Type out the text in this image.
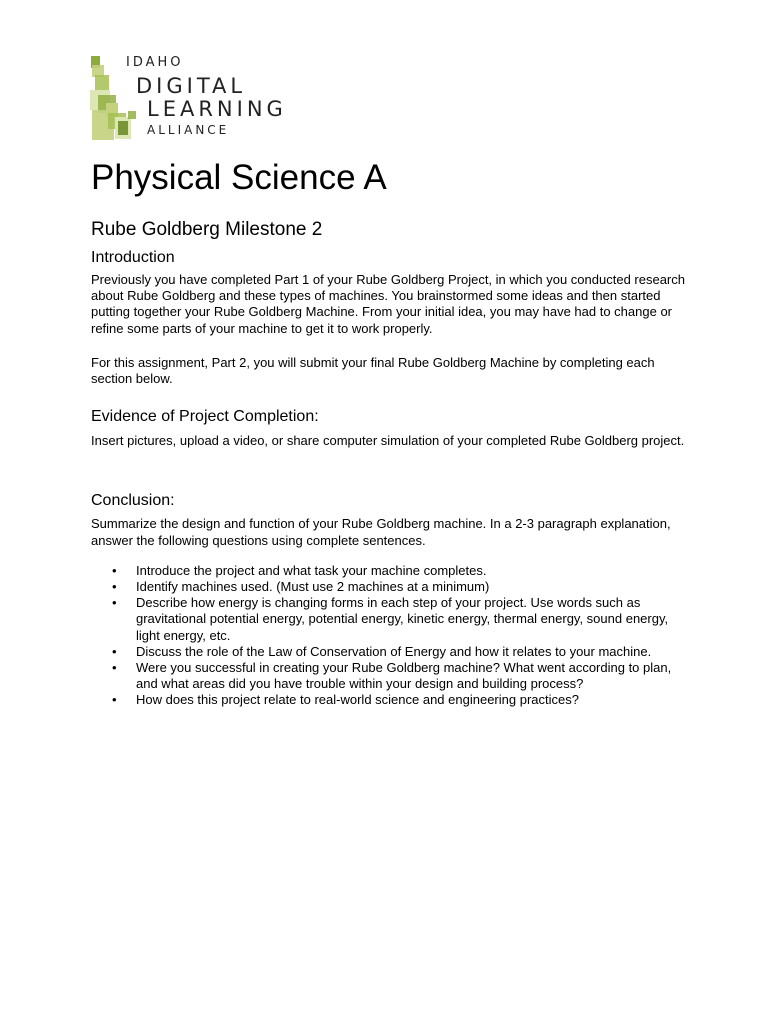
IDAHO
DIGITAL
LEARNING
ALLIANCE
Physical Science A
Rube Goldberg Milestone 2
Introduction

Previously you have completed Part 1 of your Rube Goldberg Project, in which you conducted research about Rube Goldberg and these types of machines. You brainstormed some ideas and then started putting together your Rube Goldberg Machine. From your initial idea, you may have had to change or refine some parts of your machine to get it to work properly.

For this assignment, Part 2, you will submit your final Rube Goldberg Machine by completing each section below.

Evidence of Project Completion:

Insert pictures, upload a video, or share computer simulation of your completed Rube Goldberg project.

Conclusion:

Summarize the design and function of your Rube Goldberg machine. In a 2-3 paragraph explanation, answer the following questions using complete sentences.

• Introduce the project and what task your machine completes.
• Identify machines used. (Must use 2 machines at a minimum)
• Describe how energy is changing forms in each step of your project. Use words such as gravitational potential energy, potential energy, kinetic energy, thermal energy, sound energy, light energy, etc.
• Discuss the role of the Law of Conservation of Energy and how it relates to your machine.
• Were you successful in creating your Rube Goldberg machine? What went according to plan, and what areas did you have trouble within your design and building process?
• How does this project relate to real-world science and engineering practices?
